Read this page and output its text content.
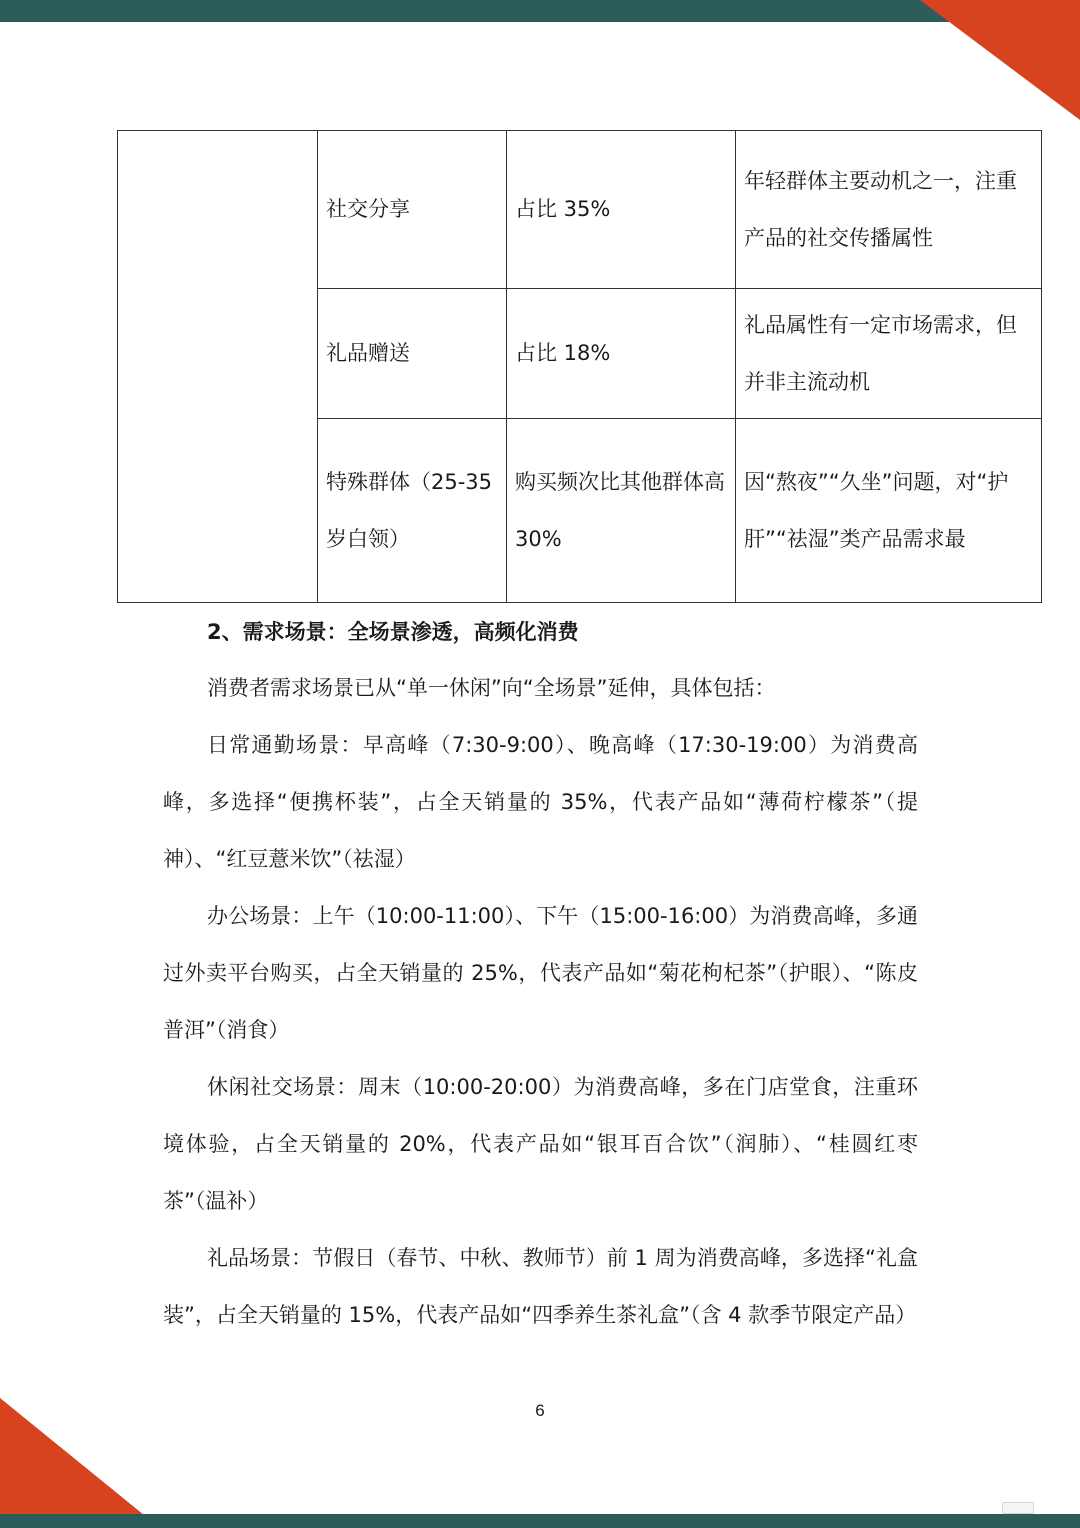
	社交分享	占比 35%	年轻群体主要动机之一，注重产品的社交传播属性
	礼品赠送	占比 18%	礼品属性有一定市场需求，但并非主流动机
	特殊群体（25-35 岁白领）	购买频次比其他群体高 30%	因“熬夜”“久坐”问题，对“护肝”“祛湿”类产品需求最

2、需求场景：全场景渗透，高频化消费

消费者需求场景已从“单一休闲”向“全场景”延伸，具体包括：

日常通勤场景：早高峰（7:30-9:00）、晚高峰（17:30-19:00）为消费高峰，多选择“便携杯装”，占全天销量的 35%，代表产品如“薄荷柠檬茶”（提神）、“红豆薏米饮”（祛湿）

办公场景：上午（10:00-11:00）、下午（15:00-16:00）为消费高峰，多通过外卖平台购买，占全天销量的 25%，代表产品如“菊花枸杞茶”（护眼）、“陈皮普洱”（消食）

休闲社交场景：周末（10:00-20:00）为消费高峰，多在门店堂食，注重环境体验，占全天销量的 20%，代表产品如“银耳百合饮”（润肺）、“桂圆红枣茶”（温补）

礼品场景：节假日（春节、中秋、教师节）前 1 周为消费高峰，多选择“礼盒装”，占全天销量的 15%，代表产品如“四季养生茶礼盒”（含 4 款季节限定产品）

6
